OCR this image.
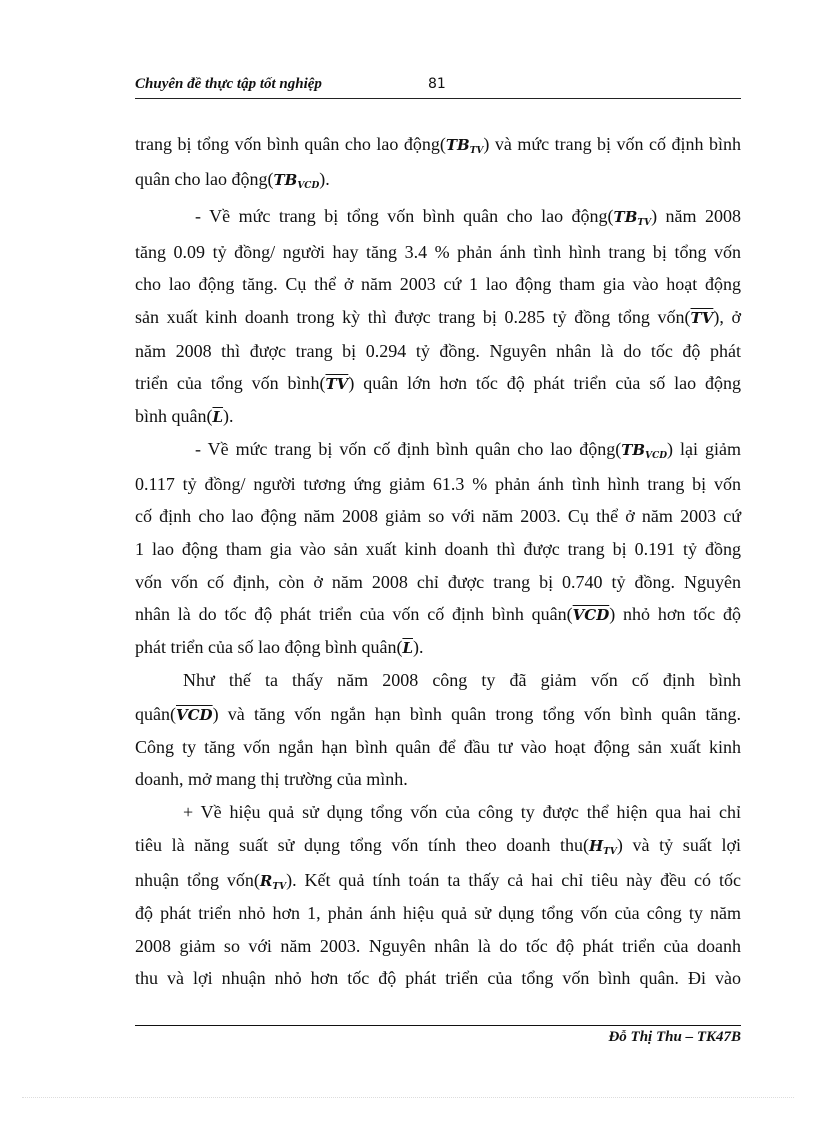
Chuyên đề thực tập tốt nghiệp	81
trang bị tổng vốn bình quân cho lao $động(TB_{TV})$ và mức trang bị vốn cố định bình
quân cho lao $động(TB_{VCD})$.
- Về mức trang bị tổng vốn bình quân cho lao $động(TB_{TV})$ năm 2008
tăng 0.09 tỷ đồng/ người hay tăng 3.4 % phản ánh tình hình trang bị tổng vốn
cho lao động tăng. Cụ thể ở năm 2003 cứ 1 lao động tham gia vào hoạt động
sản xuất kinh doanh trong kỳ thì được trang bị 0.285 tỷ đồng tổng $vốn(\overline{TV})$, ở
năm 2008 thì được trang bị 0.294 tỷ đồng. Nguyên nhân là do tốc độ phát
triển của tổng vốn $bình(\overline{TV})$ quân lớn hơn tốc độ phát triển của số lao động
bình $quân(\overline{L})$.
- Về mức trang bị vốn cố định bình quân cho lao $động(TB_{VCD})$ lại giảm
0.117 tỷ đồng/ người tương ứng giảm 61.3 % phản ánh tình hình trang bị vốn
cố định cho lao động năm 2008 giảm so với năm 2003. Cụ thể ở năm 2003 cứ
1 lao động tham gia vào sản xuất kinh doanh thì được trang bị 0.191 tỷ đồng
vốn vốn cố định, còn ở năm 2008 chỉ được trang bị 0.740 tỷ đồng. Nguyên
nhân là do tốc độ phát triển của vốn cố định bình $quân(\overline{VCD})$ nhỏ hơn tốc độ
phát triển của số lao động bình $quân(\overline{L})$.
Như thế ta thấy năm 2008 công ty đã giảm vốn cố định bình
$quân(\overline{VCD})$ và tăng vốn ngắn hạn bình quân trong tổng vốn bình quân tăng.
Công ty tăng vốn ngắn hạn bình quân để đầu tư vào hoạt động sản xuất kinh
doanh, mở mang thị trường của mình.
+ Về hiệu quả sử dụng tổng vốn của công ty được thể hiện qua hai chỉ
tiêu là năng suất sử dụng tổng vốn tính theo doanh $thu(H_{TV})$ và tỷ suất lợi
nhuận tổng $vốn(R_{TV})$. Kết quả tính toán ta thấy cả hai chỉ tiêu này đều có tốc
độ phát triển nhỏ hơn 1, phản ánh hiệu quả sử dụng tổng vốn của công ty năm
2008 giảm so với năm 2003. Nguyên nhân là do tốc độ phát triển của doanh
thu và lợi nhuận nhỏ hơn tốc độ phát triển của tổng vốn bình quân. Đi vào
Đỗ Thị Thu – TK47B
